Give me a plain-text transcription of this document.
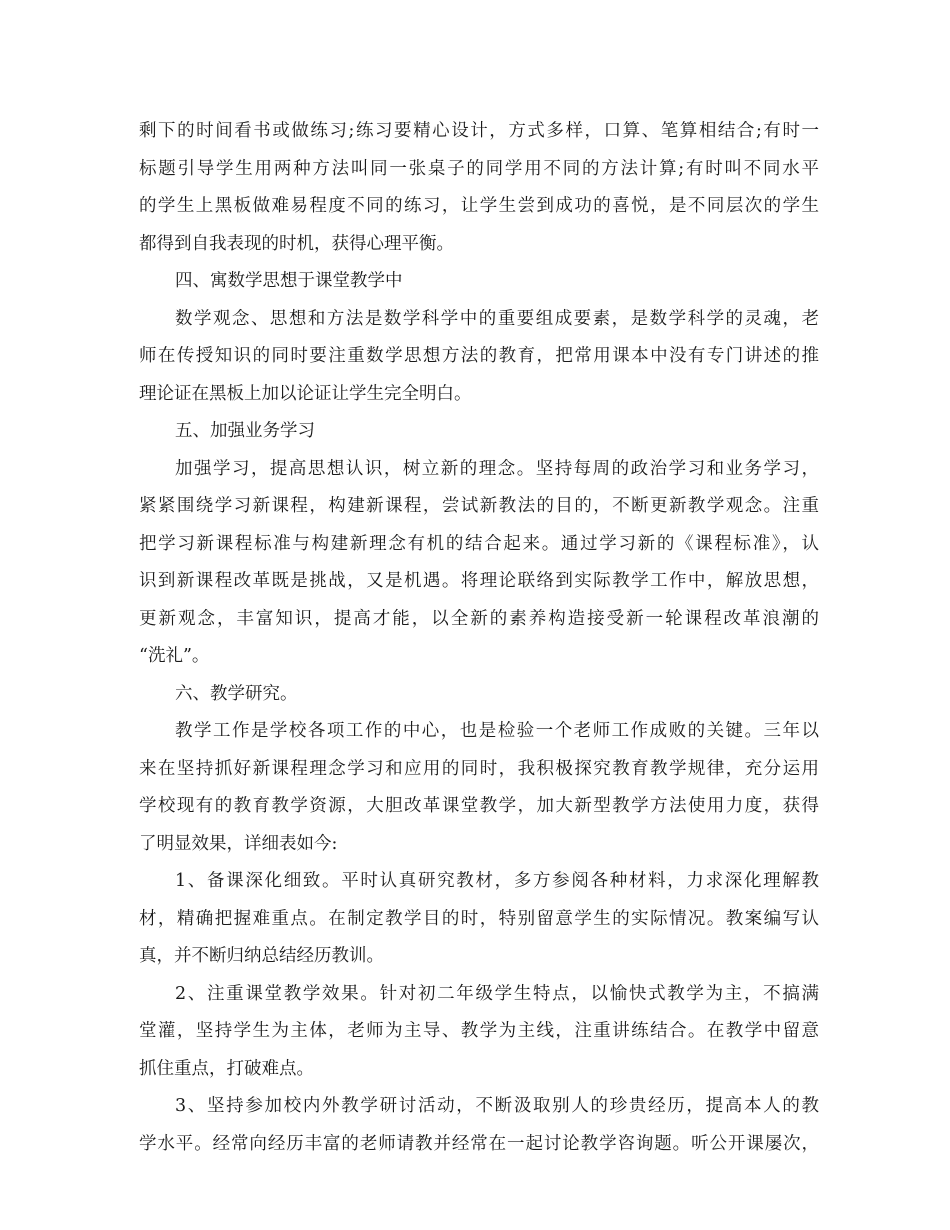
剩下的时间看书或做练习;练习要精心设计，方式多样，口算、笔算相结合;有时一
标题引导学生用两种方法叫同一张桌子的同学用不同的方法计算;有时叫不同水平
的学生上黑板做难易程度不同的练习，让学生尝到成功的喜悦，是不同层次的学生
都得到自我表现的时机，获得心理平衡。
四、寓数学思想于课堂教学中
数学观念、思想和方法是数学科学中的重要组成要素，是数学科学的灵魂，老
师在传授知识的同时要注重数学思想方法的教育，把常用课本中没有专门讲述的推
理论证在黑板上加以论证让学生完全明白。
五、加强业务学习
加强学习，提高思想认识，树立新的理念。坚持每周的政治学习和业务学习，
紧紧围绕学习新课程，构建新课程，尝试新教法的目的，不断更新教学观念。注重
把学习新课程标准与构建新理念有机的结合起来。通过学习新的《课程标准》，认
识到新课程改革既是挑战，又是机遇。将理论联络到实际教学工作中，解放思想，
更新观念，丰富知识，提高才能，以全新的素养构造接受新一轮课程改革浪潮的
“洗礼”。
六、教学研究。
教学工作是学校各项工作的中心，也是检验一个老师工作成败的关键。三年以
来在坚持抓好新课程理念学习和应用的同时，我积极探究教育教学规律，充分运用
学校现有的教育教学资源，大胆改革课堂教学，加大新型教学方法使用力度，获得
了明显效果，详细表如今:
1、备课深化细致。平时认真研究教材，多方参阅各种材料，力求深化理解教
材，精确把握难重点。在制定教学目的时，特别留意学生的实际情况。教案编写认
真，并不断归纳总结经历教训。
2、注重课堂教学效果。针对初二年级学生特点，以愉快式教学为主，不搞满
堂灌，坚持学生为主体，老师为主导、教学为主线，注重讲练结合。在教学中留意
抓住重点，打破难点。
3、坚持参加校内外教学研讨活动，不断汲取别人的珍贵经历，提高本人的教
学水平。经常向经历丰富的老师请教并经常在一起讨论教学咨询题。听公开课屡次，
